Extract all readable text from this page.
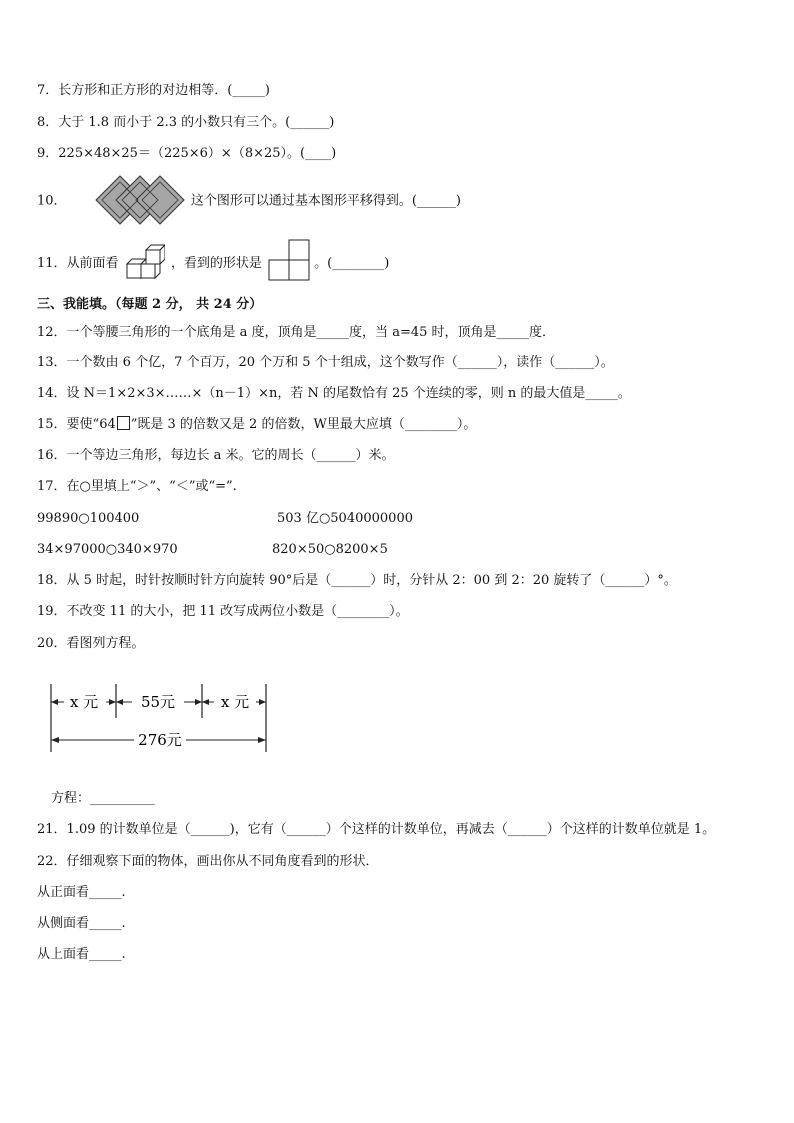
7．长方形和正方形的对边相等．(_____)
8．大于 1.8 而小于 2.3 的小数只有三个。(______)
9．225×48×25＝（225×6）×（8×25）。(____)
10．	这个图形可以通过基本图形平移得到。(______)
11．从前面看	，看到的形状是	。(________)
三、我能填。（每题 2 分， 共 24 分）
12．一个等腰三角形的一个底角是 a 度，顶角是_____度，当 a=45 时，顶角是_____度．
13．一个数由 6 个亿，7 个百万，20 个万和 5 个十组成，这个数写作（______），读作（______）。
14．设 N＝1×2×3×……×（n－1）×n，若 N 的尾数恰有 25 个连续的零，则 n 的最大值是_____。
15．要使“64 ”既是 3 的倍数又是 2 的倍数，W里最大应填（________）。
16．一个等边三角形，每边长 a 米。它的周长（______）米。
17．在○里填上“＞”、“＜”或“=”.
99890○100400	503 亿○5040000000
34×97000○340×970	820×50○8200×5
18．从 5 时起，时针按顺时针方向旋转 90°后是（______）时，分针从 2：00 到 2：20 旋转了（______）°。
19．不改变 11 的大小，把 11 改写成两位小数是（________）。
20．看图列方程。
x 元	55元	x 元
276元
方程：__________
21．1.09 的计数单位是（______)，它有（______）个这样的计数单位，再减去（______）个这样的计数单位就是 1。
22．仔细观察下面的物体，画出你从不同角度看到的形状．
从正面看_____.
从侧面看_____.
从上面看_____.
